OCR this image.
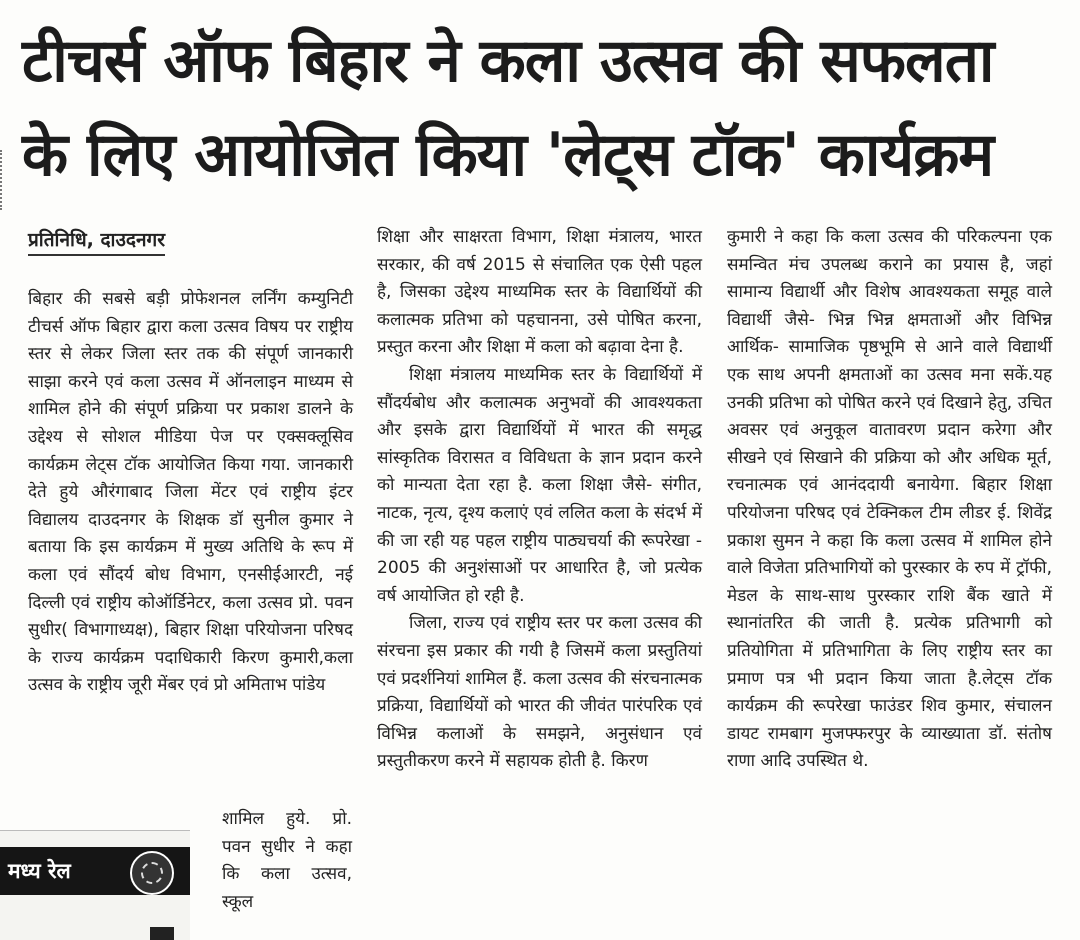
टीचर्स ऑफ बिहार ने कला उत्सव की सफलता
के लिए आयोजित किया 'लेट्स टॉक' कार्यक्रम
प्रतिनिधि, दाउदनगर

बिहार की सबसे बड़ी प्रोफेशनल लर्निंग कम्युनिटी टीचर्स ऑफ बिहार द्वारा कला उत्सव विषय पर राष्ट्रीय स्तर से लेकर जिला स्तर तक की संपूर्ण जानकारी साझा करने एवं कला उत्सव में ऑनलाइन माध्यम से शामिल होने की संपूर्ण प्रक्रिया पर प्रकाश डालने के उद्देश्य से सोशल मीडिया पेज पर एक्सक्लूसिव कार्यक्रम लेट्स टॉक आयोजित किया गया. जानकारी देते हुये औरंगाबाद जिला मेंटर एवं राष्ट्रीय इंटर विद्यालय दाउदनगर के शिक्षक डॉ सुनील कुमार ने बताया कि इस कार्यक्रम में मुख्य अतिथि के रूप में कला एवं सौंदर्य बोध विभाग, एनसीईआरटी, नई दिल्ली एवं राष्ट्रीय कोऑर्डिनेटर, कला उत्सव प्रो. पवन सुधीर( विभागाध्यक्ष), बिहार शिक्षा परियोजना परिषद के राज्य कार्यक्रम पदाधिकारी किरण कुमारी,कला उत्सव के राष्ट्रीय जूरी मेंबर एवं प्रो अमिताभ पांडेय

शामिल हुये. प्रो. पवन सुधीर ने कहा कि कला उत्सव, स्कूल

शिक्षा और साक्षरता विभाग, शिक्षा मंत्रालय, भारत सरकार, की वर्ष 2015 से संचालित एक ऐसी पहल है, जिसका उद्देश्य माध्यमिक स्तर के विद्यार्थियों की कलात्मक प्रतिभा को पहचानना, उसे पोषित करना, प्रस्तुत करना और शिक्षा में कला को बढ़ावा देना है.

शिक्षा मंत्रालय माध्यमिक स्तर के विद्यार्थियों में सौंदर्यबोध और कलात्मक अनुभवों की आवश्यकता और इसके द्वारा विद्यार्थियों में भारत की समृद्ध सांस्कृतिक विरासत व विविधता के ज्ञान प्रदान करने को मान्यता देता रहा है. कला शिक्षा जैसे- संगीत, नाटक, नृत्य, दृश्य कलाएं एवं ललित कला के संदर्भ में की जा रही यह पहल राष्ट्रीय पाठ्यचर्या की रूपरेखा - 2005 की अनुशंसाओं पर आधारित है, जो प्रत्येक वर्ष आयोजित हो रही है.

जिला, राज्य एवं राष्ट्रीय स्तर पर कला उत्सव की संरचना इस प्रकार की गयी है जिसमें कला प्रस्तुतियां एवं प्रदर्शनियां शामिल हैं. कला उत्सव की संरचनात्मक प्रक्रिया, विद्यार्थियों को भारत की जीवंत पारंपरिक एवं विभिन्न कलाओं के समझने, अनुसंधान एवं प्रस्तुतीकरण करने में सहायक होती है. किरण

कुमारी ने कहा कि कला उत्सव की परिकल्पना एक समन्वित मंच उपलब्ध कराने का प्रयास है, जहां सामान्य विद्यार्थी और विशेष आवश्यकता समूह वाले विद्यार्थी जैसे- भिन्न भिन्न क्षमताओं और विभिन्न आर्थिक- सामाजिक पृष्ठभूमि से आने वाले विद्यार्थी एक साथ अपनी क्षमताओं का उत्सव मना सकें.यह उनकी प्रतिभा को पोषित करने एवं दिखाने हेतु, उचित अवसर एवं अनुकूल वातावरण प्रदान करेगा और सीखने एवं सिखाने की प्रक्रिया को और अधिक मूर्त, रचनात्मक एवं आनंददायी बनायेगा. बिहार शिक्षा परियोजना परिषद एवं टेक्निकल टीम लीडर ई. शिवेंद्र प्रकाश सुमन ने कहा कि कला उत्सव में शामिल होने वाले विजेता प्रतिभागियों को पुरस्कार के रुप में ट्रॉफी, मेडल के साथ-साथ पुरस्कार राशि बैंक खाते में स्थानांतरित की जाती है. प्रत्येक प्रतिभागी को प्रतियोगिता में प्रतिभागिता के लिए राष्ट्रीय स्तर का प्रमाण पत्र भी प्रदान किया जाता है.लेट्स टॉक कार्यक्रम की रूपरेखा फाउंडर शिव कुमार, संचालन डायट रामबाग मुजफ्फरपुर के व्याख्याता डॉ. संतोष राणा आदि उपस्थित थे.

मध्य रेल
